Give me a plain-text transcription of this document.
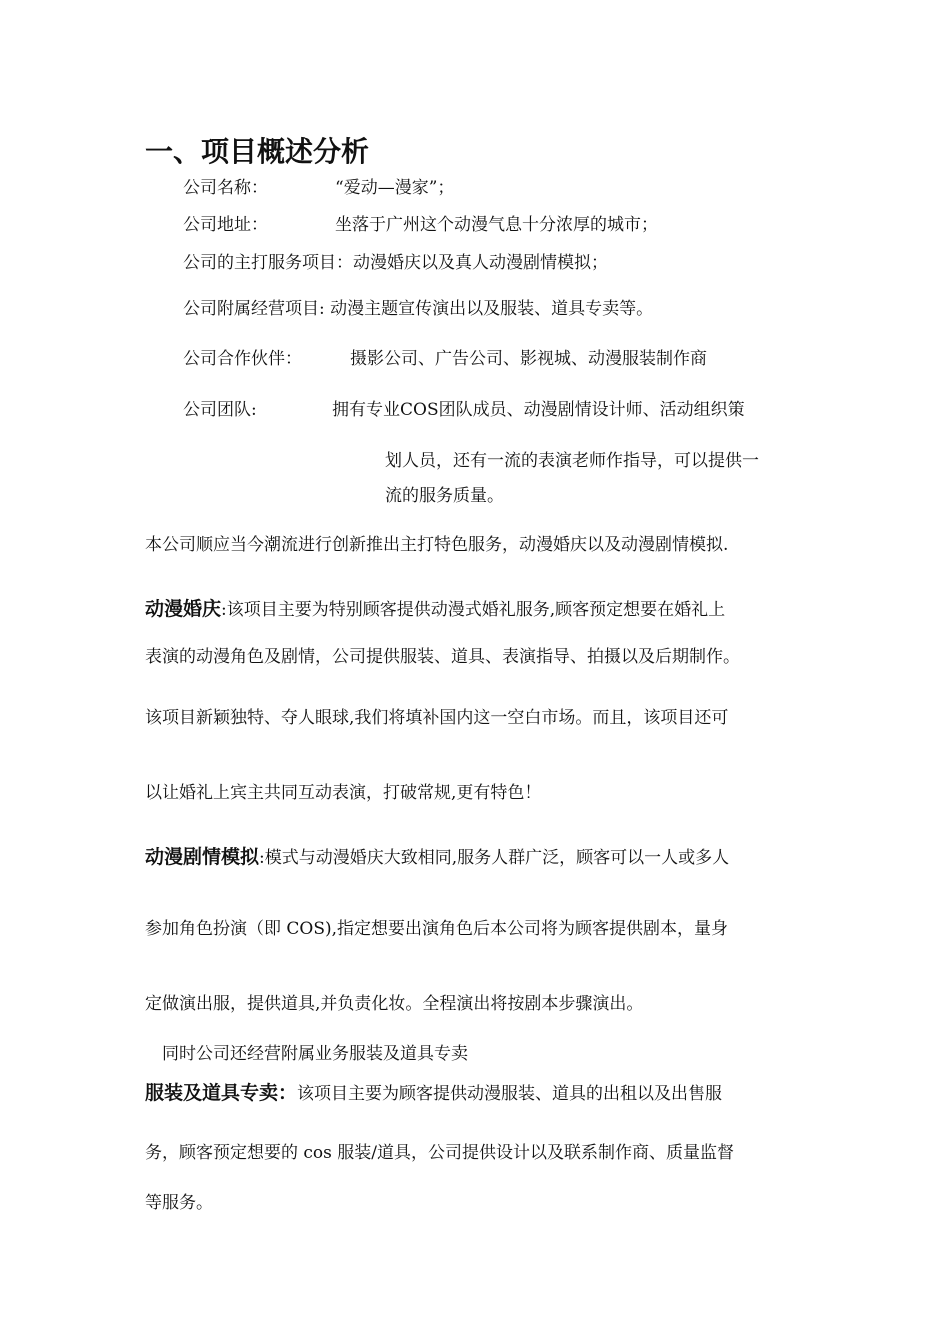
一、项目概述分析
公司名称：	“爱动—漫家”；
公司地址：	坐落于广州这个动漫气息十分浓厚的城市；
公司的主打服务项目：动漫婚庆以及真人动漫剧情模拟；
公司附属经营项目: 动漫主题宣传演出以及服装、道具专卖等。
公司合作伙伴：	摄影公司、广告公司、影视城、动漫服装制作商
公司团队:	拥有专业COS团队成员、动漫剧情设计师、活动组织策
划人员，还有一流的表演老师作指导，可以提供一
流的服务质量。
本公司顺应当今潮流进行创新推出主打特色服务，动漫婚庆以及动漫剧情模拟.
动漫婚庆:该项目主要为特别顾客提供动漫式婚礼服务,顾客预定想要在婚礼上
表演的动漫角色及剧情，公司提供服装、道具、表演指导、拍摄以及后期制作。
该项目新颖独特、夺人眼球,我们将填补国内这一空白市场。而且，该项目还可
以让婚礼上宾主共同互动表演，打破常规,更有特色！
动漫剧情模拟:模式与动漫婚庆大致相同,服务人群广泛，顾客可以一人或多人
参加角色扮演（即 COS),指定想要出演角色后本公司将为顾客提供剧本，量身
定做演出服，提供道具,并负责化妆。全程演出将按剧本步骤演出。
同时公司还经营附属业务服装及道具专卖
服装及道具专卖：该项目主要为顾客提供动漫服装、道具的出租以及出售服
务，顾客预定想要的 cos 服装/道具，公司提供设计以及联系制作商、质量监督
等服务。
